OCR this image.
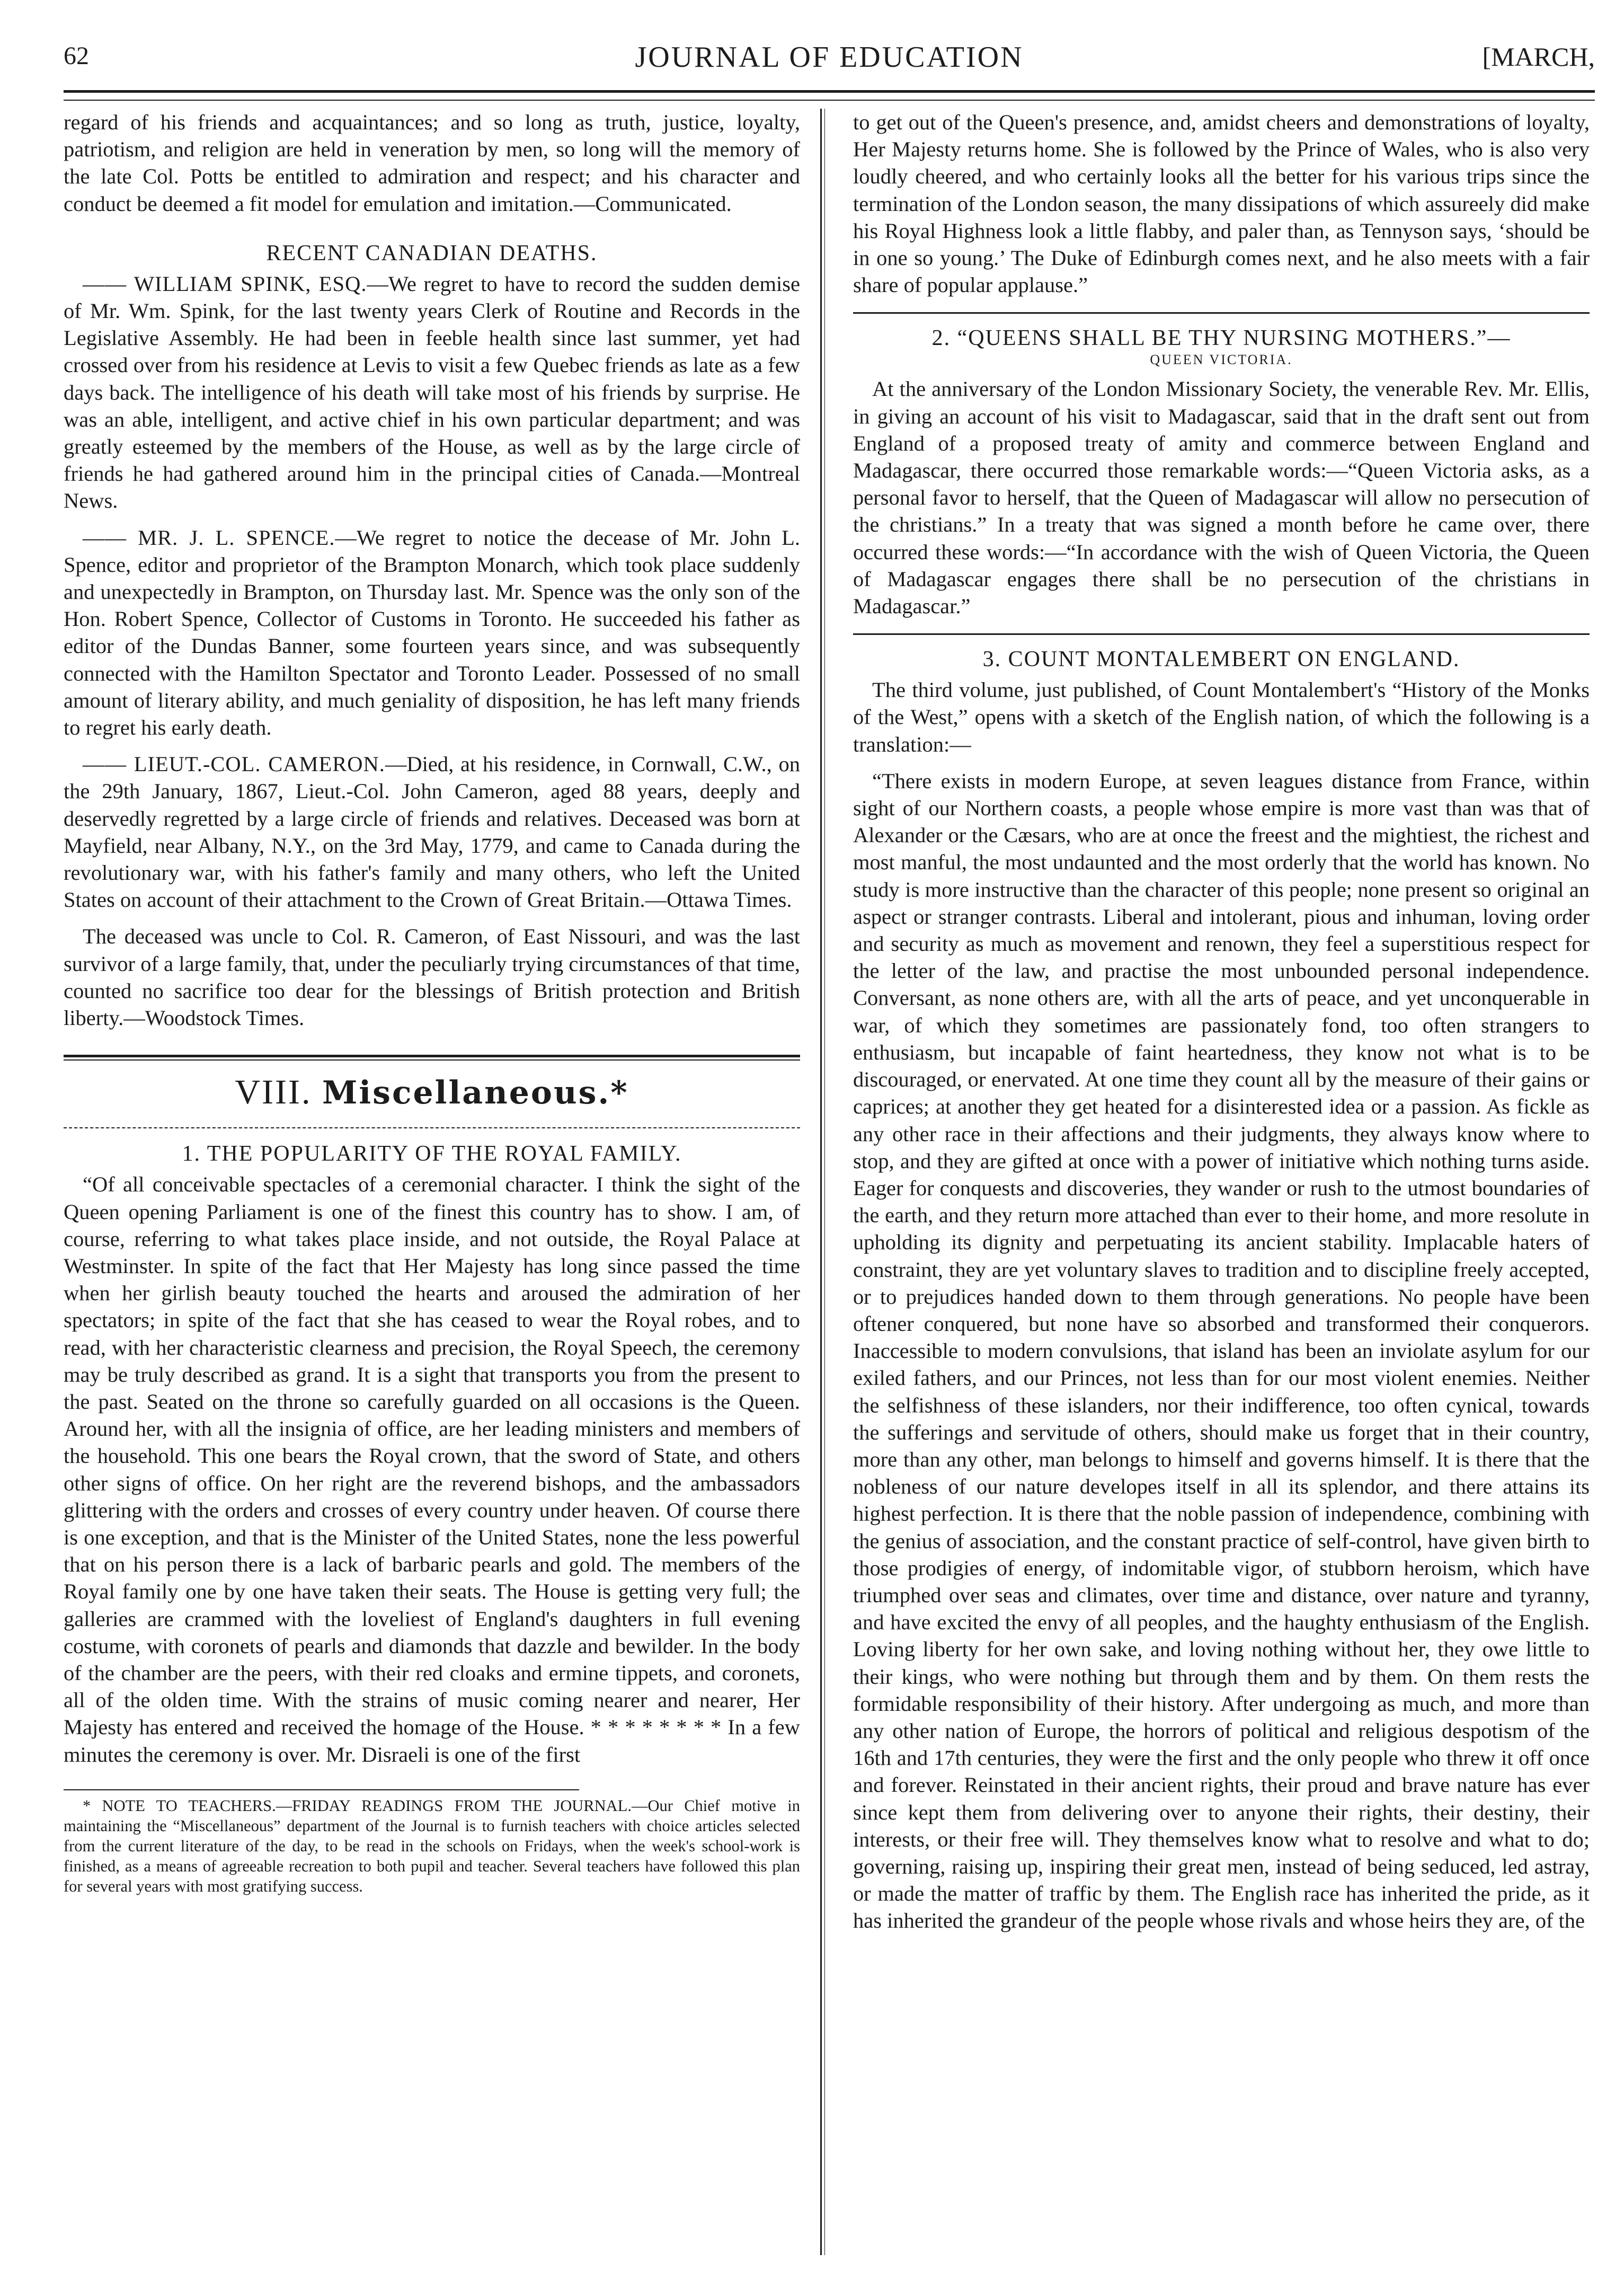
62	JOURNAL OF EDUCATION	[MARCH,

regard of his friends and acquaintances; and so long as truth, justice, loyalty, patriotism, and religion are held in veneration by men, so long will the memory of the late Col. Potts be entitled to admiration and respect; and his character and conduct be deemed a fit model for emulation and imitation.—Communicated.

RECENT CANADIAN DEATHS.

—— WILLIAM SPINK, ESQ.—We regret to have to record the sudden demise of Mr. Wm. Spink, for the last twenty years Clerk of Routine and Records in the Legislative Assembly. He had been in feeble health since last summer, yet had crossed over from his residence at Levis to visit a few Quebec friends as late as a few days back. The intelligence of his death will take most of his friends by surprise. He was an able, intelligent, and active chief in his own particular department; and was greatly esteemed by the members of the House, as well as by the large circle of friends he had gathered around him in the principal cities of Canada.—Montreal News.

—— MR. J. L. SPENCE.—We regret to notice the decease of Mr. John L. Spence, editor and proprietor of the Brampton Monarch, which took place suddenly and unexpectedly in Brampton, on Thursday last. Mr. Spence was the only son of the Hon. Robert Spence, Collector of Customs in Toronto. He succeeded his father as editor of the Dundas Banner, some fourteen years since, and was subsequently connected with the Hamilton Spectator and Toronto Leader. Possessed of no small amount of literary ability, and much geniality of disposition, he has left many friends to regret his early death.

—— LIEUT.-COL. CAMERON.—Died, at his residence, in Cornwall, C.W., on the 29th January, 1867, Lieut.-Col. John Cameron, aged 88 years, deeply and deservedly regretted by a large circle of friends and relatives. Deceased was born at Mayfield, near Albany, N.Y., on the 3rd May, 1779, and came to Canada during the revolutionary war, with his father's family and many others, who left the United States on account of their attachment to the Crown of Great Britain.—Ottawa Times.

The deceased was uncle to Col. R. Cameron, of East Nissouri, and was the last survivor of a large family, that, under the peculiarly trying circumstances of that time, counted no sacrifice too dear for the blessings of British protection and British liberty.—Woodstock Times.

VIII. Miscellaneous.*
1. THE POPULARITY OF THE ROYAL FAMILY.

“Of all conceivable spectacles of a ceremonial character. I think the sight of the Queen opening Parliament is one of the finest this country has to show. I am, of course, referring to what takes place inside, and not outside, the Royal Palace at Westminster. In spite of the fact that Her Majesty has long since passed the time when her girlish beauty touched the hearts and aroused the admiration of her spectators; in spite of the fact that she has ceased to wear the Royal robes, and to read, with her characteristic clearness and precision, the Royal Speech, the ceremony may be truly described as grand. It is a sight that transports you from the present to the past. Seated on the throne so carefully guarded on all occasions is the Queen. Around her, with all the insignia of office, are her leading ministers and members of the household. This one bears the Royal crown, that the sword of State, and others other signs of office. On her right are the reverend bishops, and the ambassadors glittering with the orders and crosses of every country under heaven. Of course there is one exception, and that is the Minister of the United States, none the less powerful that on his person there is a lack of barbaric pearls and gold. The members of the Royal family one by one have taken their seats. The House is getting very full; the galleries are crammed with the loveliest of England's daughters in full evening costume, with coronets of pearls and diamonds that dazzle and bewilder. In the body of the chamber are the peers, with their red cloaks and ermine tippets, and coronets, all of the olden time. With the strains of music coming nearer and nearer, Her Majesty has entered and received the homage of the House. * * * * * * * * In a few minutes the ceremony is over. Mr. Disraeli is one of the first

* NOTE TO TEACHERS.—FRIDAY READINGS FROM THE JOURNAL.—Our Chief motive in maintaining the “Miscellaneous” department of the Journal is to furnish teachers with choice articles selected from the current literature of the day, to be read in the schools on Fridays, when the week's school-work is finished, as a means of agreeable recreation to both pupil and teacher. Several teachers have followed this plan for several years with most gratifying success.

to get out of the Queen's presence, and, amidst cheers and demonstrations of loyalty, Her Majesty returns home. She is followed by the Prince of Wales, who is also very loudly cheered, and who certainly looks all the better for his various trips since the termination of the London season, the many dissipations of which assureely did make his Royal Highness look a little flabby, and paler than, as Tennyson says, ‘should be in one so young.’ The Duke of Edinburgh comes next, and he also meets with a fair share of popular applause.”

2. “QUEENS SHALL BE THY NURSING MOTHERS.”—
QUEEN VICTORIA.

At the anniversary of the London Missionary Society, the venerable Rev. Mr. Ellis, in giving an account of his visit to Madagascar, said that in the draft sent out from England of a proposed treaty of amity and commerce between England and Madagascar, there occurred those remarkable words:—“Queen Victoria asks, as a personal favor to herself, that the Queen of Madagascar will allow no persecution of the christians.” In a treaty that was signed a month before he came over, there occurred these words:—“In accordance with the wish of Queen Victoria, the Queen of Madagascar engages there shall be no persecution of the christians in Madagascar.”

3. COUNT MONTALEMBERT ON ENGLAND.

The third volume, just published, of Count Montalembert's “History of the Monks of the West,” opens with a sketch of the English nation, of which the following is a translation:—

“There exists in modern Europe, at seven leagues distance from France, within sight of our Northern coasts, a people whose empire is more vast than was that of Alexander or the Cæsars, who are at once the freest and the mightiest, the richest and most manful, the most undaunted and the most orderly that the world has known. No study is more instructive than the character of this people; none present so original an aspect or stranger contrasts. Liberal and intolerant, pious and inhuman, loving order and security as much as movement and renown, they feel a superstitious respect for the letter of the law, and practise the most unbounded personal independence. Conversant, as none others are, with all the arts of peace, and yet unconquerable in war, of which they sometimes are passionately fond, too often strangers to enthusiasm, but incapable of faint heartedness, they know not what is to be discouraged, or enervated. At one time they count all by the measure of their gains or caprices; at another they get heated for a disinterested idea or a passion. As fickle as any other race in their affections and their judgments, they always know where to stop, and they are gifted at once with a power of initiative which nothing turns aside. Eager for conquests and discoveries, they wander or rush to the utmost boundaries of the earth, and they return more attached than ever to their home, and more resolute in upholding its dignity and perpetuating its ancient stability. Implacable haters of constraint, they are yet voluntary slaves to tradition and to discipline freely accepted, or to prejudices handed down to them through generations. No people have been oftener conquered, but none have so absorbed and transformed their conquerors. Inaccessible to modern convulsions, that island has been an inviolate asylum for our exiled fathers, and our Princes, not less than for our most violent enemies. Neither the selfishness of these islanders, nor their indifference, too often cynical, towards the sufferings and servitude of others, should make us forget that in their country, more than any other, man belongs to himself and governs himself. It is there that the nobleness of our nature developes itself in all its splendor, and there attains its highest perfection. It is there that the noble passion of independence, combining with the genius of association, and the constant practice of self-control, have given birth to those prodigies of energy, of indomitable vigor, of stubborn heroism, which have triumphed over seas and climates, over time and distance, over nature and tyranny, and have excited the envy of all peoples, and the haughty enthusiasm of the English. Loving liberty for her own sake, and loving nothing without her, they owe little to their kings, who were nothing but through them and by them. On them rests the formidable responsibility of their history. After undergoing as much, and more than any other nation of Europe, the horrors of political and religious despotism of the 16th and 17th centuries, they were the first and the only people who threw it off once and forever. Reinstated in their ancient rights, their proud and brave nature has ever since kept them from delivering over to anyone their rights, their destiny, their interests, or their free will. They themselves know what to resolve and what to do; governing, raising up, inspiring their great men, instead of being seduced, led astray, or made the matter of traffic by them. The English race has inherited the pride, as it has inherited the grandeur of the people whose rivals and whose heirs they are, of the
